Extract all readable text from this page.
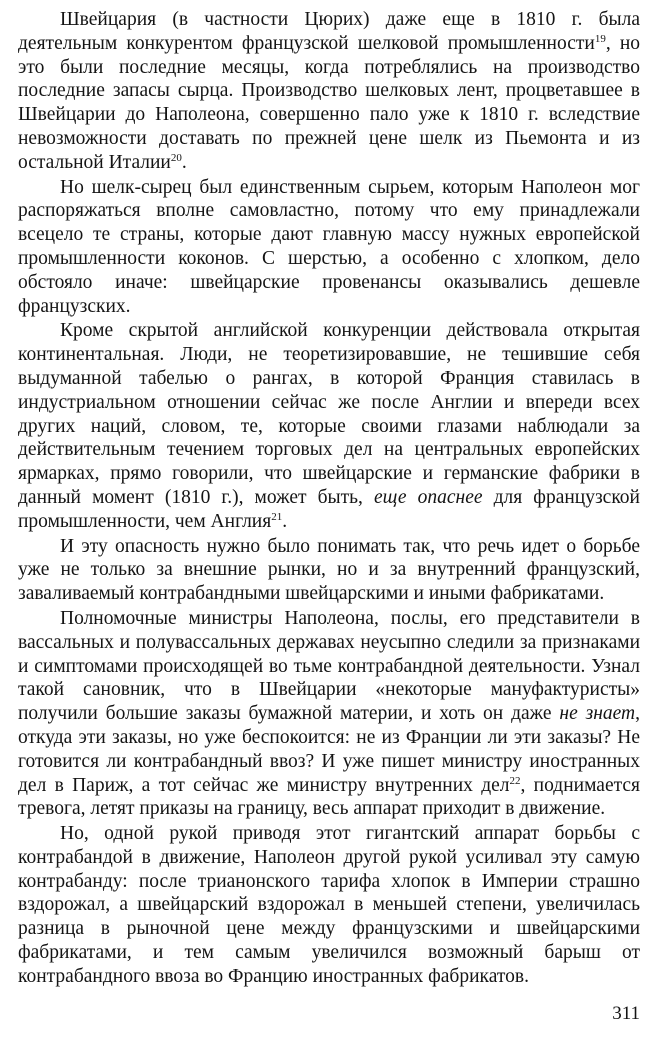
Швейцария (в частности Цюрих) даже еще в 1810 г. была деятельным конкурентом французской шелковой промышленности$^{19}$, но это были последние месяцы, когда потреблялись на производство последние запасы сырца. Производство шелковых лент, процветавшее в Швейцарии до Наполеона, совершенно пало уже к 1810 г. вследствие невозможности доставать по прежней цене шелк из Пьемонта и из остальной Италии$^{20}$.

Но шелк-сырец был единственным сырьем, которым Наполеон мог распоряжаться вполне самовластно, потому что ему принадлежали всецело те страны, которые дают главную массу нужных европейской промышленности коконов. С шерстью, а особенно с хлопком, дело обстояло иначе: швейцарские провенансы оказывались дешевле французских.

Кроме скрытой английской конкуренции действовала открытая континентальная. Люди, не теоретизировавшие, не тешившие себя выдуманной табелью о рангах, в которой Франция ставилась в индустриальном отношении сейчас же после Англии и впереди всех других наций, словом, те, которые своими глазами наблюдали за действительным течением торговых дел на центральных европейских ярмарках, прямо говорили, что швейцарские и германские фабрики в данный момент (1810 г.), может быть, еще опаснее для французской промышленности, чем Англия$^{21}$.

И эту опасность нужно было понимать так, что речь идет о борьбе уже не только за внешние рынки, но и за внутренний французский, заваливаемый контрабандными швейцарскими и иными фабрикатами.

Полномочные министры Наполеона, послы, его представители в вассальных и полувассальных державах неусыпно следили за признаками и симптомами происходящей во тьме контрабандной деятельности. Узнал такой сановник, что в Швейцарии «некоторые мануфактуристы» получили большие заказы бумажной материи, и хоть он даже не знает, откуда эти заказы, но уже беспокоится: не из Франции ли эти заказы? Не готовится ли контрабандный ввоз? И уже пишет министру иностранных дел в Париж, а тот сейчас же министру внутренних дел$^{22}$, поднимается тревога, летят приказы на границу, весь аппарат приходит в движение.

Но, одной рукой приводя этот гигантский аппарат борьбы с контрабандой в движение, Наполеон другой рукой усиливал эту самую контрабанду: после трианонского тарифа хлопок в Империи страшно вздорожал, а швейцарский вздорожал в меньшей степени, увеличилась разница в рыночной цене между французскими и швейцарскими фабрикатами, и тем самым увеличился возможный барыш от контрабандного ввоза во Францию иностранных фабрикатов.

311
